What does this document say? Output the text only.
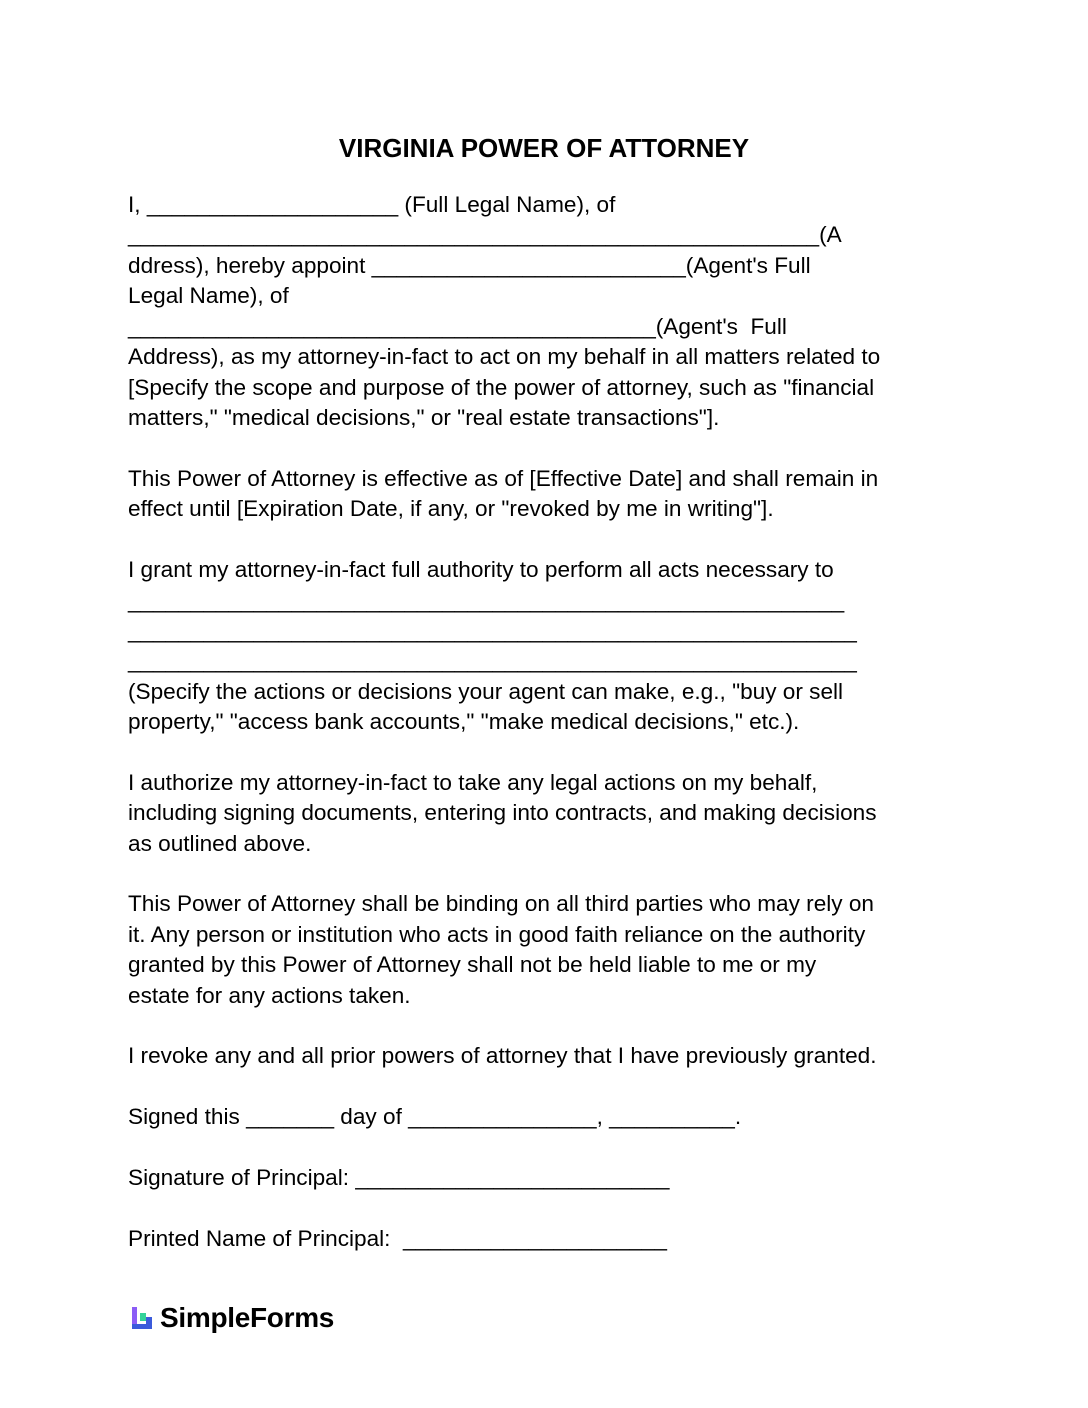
VIRGINIA POWER OF ATTORNEY
I, ____________________ (Full Legal Name), of
_______________________________________________________(A
ddress), hereby appoint _________________________(Agent's Full
Legal Name), of
__________________________________________(Agent's  Full
Address), as my attorney-in-fact to act on my behalf in all matters related to
[Specify the scope and purpose of the power of attorney, such as "financial
matters," "medical decisions," or "real estate transactions"].
This Power of Attorney is effective as of [Effective Date] and shall remain in
effect until [Expiration Date, if any, or "revoked by me in writing"].
I grant my attorney-in-fact full authority to perform all acts necessary to
_________________________________________________________
__________________________________________________________
__________________________________________________________
(Specify the actions or decisions your agent can make, e.g., "buy or sell
property," "access bank accounts," "make medical decisions," etc.).
I authorize my attorney-in-fact to take any legal actions on my behalf,
including signing documents, entering into contracts, and making decisions
as outlined above.
This Power of Attorney shall be binding on all third parties who may rely on
it. Any person or institution who acts in good faith reliance on the authority
granted by this Power of Attorney shall not be held liable to me or my
estate for any actions taken.
I revoke any and all prior powers of attorney that I have previously granted.
Signed this _______ day of _______________, __________.
Signature of Principal: _________________________
Printed Name of Principal:  _____________________
SimpleForms
